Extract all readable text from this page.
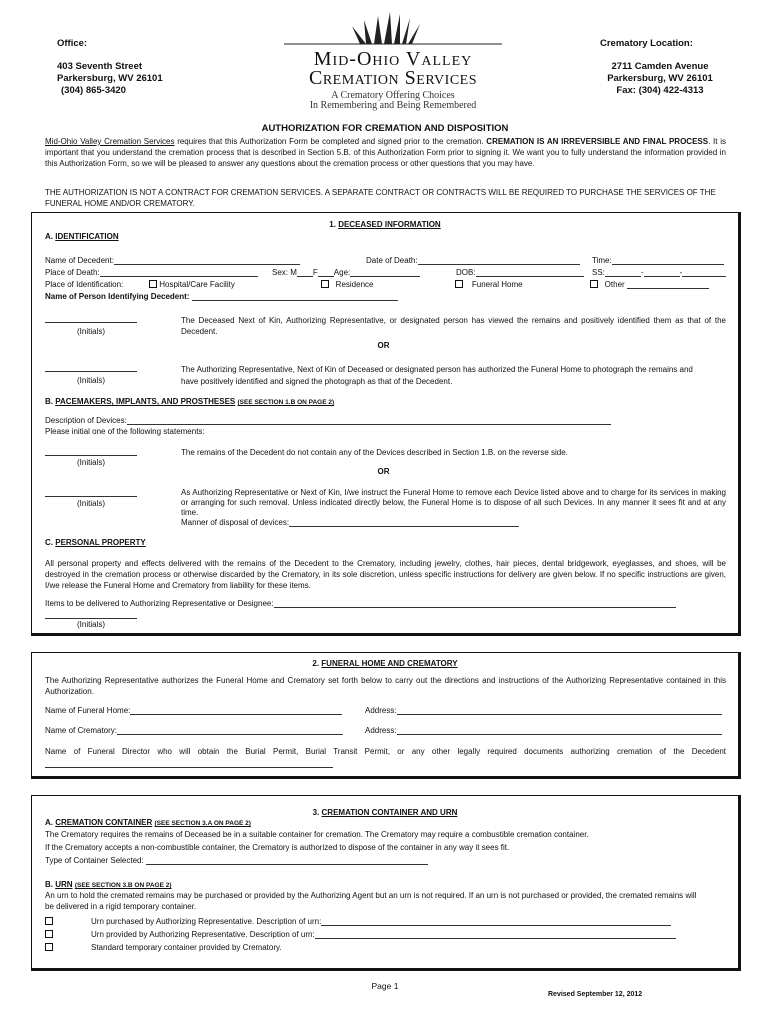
Office:
403 Seventh Street
Parkersburg, WV 26101
(304) 865-3420
Mid-Ohio Valley
Cremation Services
A Crematory Offering Choices
In Remembering and Being Remembered
Crematory Location:
2711 Camden Avenue
Parkersburg, WV 26101
Fax: (304) 422-4313
AUTHORIZATION FOR CREMATION AND DISPOSITION
Mid-Ohio Valley Cremation Services requires that this Authorization Form be completed and signed prior to the cremation. CREMATION IS AN IRREVERSIBLE AND FINAL PROCESS. It is important that you understand the cremation process that is described in Section 5.B. of this Authorization Form prior to signing it. We want you to fully understand the information provided in this Authorization Form, so we will be pleased to answer any questions about the cremation process or other questions that you may have.
THE AUTHORIZATION IS NOT A CONTRACT FOR CREMATION SERVICES. A SEPARATE CONTRACT OR CONTRACTS WILL BE REQUIRED TO PURCHASE THE SERVICES OF THE FUNERAL HOME AND/OR CREMATORY.
1. DECEASED INFORMATION
A. IDENTIFICATION
Name of Decedent:	Date of Death:	Time:
Place of Death:	Sex: M F Age:	DOB:	SS:	-	-
Place of Identification:	Hospital/Care Facility	Residence	Funeral Home	Other
Name of Person Identifying Decedent:
(Initials)
The Deceased Next of Kin, Authorizing Representative, or designated person has viewed the remains and positively identified them as that of the Decedent.
OR
(Initials)
The Authorizing Representative, Next of Kin of Deceased or designated person has authorized the Funeral Home to photograph the remains and have positively identified and signed the photograph as that of the Decedent.
B. PACEMAKERS, IMPLANTS, AND PROSTHESES (SEE SECTION 1.B ON PAGE 2)
Description of Devices:
Please initial one of the following statements:
(Initials)
The remains of the Decedent do not contain any of the Devices described in Section 1.B. on the reverse side.
OR
(Initials)
As Authorizing Representative or Next of Kin, I/we instruct the Funeral Home to remove each Device listed above and to charge for its services in making or arranging for such removal. Unless indicated directly below, the Funeral Home is to dispose of all such Devices. In any manner it sees fit and at any time.
Manner of disposal of devices:
C. PERSONAL PROPERTY
All personal property and effects delivered with the remains of the Decedent to the Crematory, including jewelry, clothes, hair pieces, dental bridgework, eyeglasses, and shoes, will be destroyed in the cremation process or otherwise discarded by the Crematory, in its sole discretion, unless specific instructions for delivery are given below. If no specific instructions are given, I/we release the Funeral Home and Crematory from liability for these items.
Items to be delivered to Authorizing Representative or Designee:
(Initials)
2. FUNERAL HOME AND CREMATORY
The Authorizing Representative authorizes the Funeral Home and Crematory set forth below to carry out the directions and instructions of the Authorizing Representative contained in this Authorization.
Name of Funeral Home:	Address:
Name of Crematory:	Address:
Name of Funeral Director who will obtain the Burial Permit, Burial Transit Permit, or any other legally required documents authorizing cremation of the Decedent
3. CREMATION CONTAINER AND URN
A. CREMATION CONTAINER (SEE SECTION 3.A ON PAGE 2)
The Crematory requires the remains of Deceased be in a suitable container for cremation. The Crematory may require a combustible cremation container.
If the Crematory accepts a non-combustible container, the Crematory is authorized to dispose of the container in any way it sees fit.
Type of Container Selected:
B. URN (SEE SECTION 3.B ON PAGE 2)
An urn to hold the cremated remains may be purchased or provided by the Authorizing Agent but an urn is not required. If an urn is not purchased or provided, the cremated remains will be delivered in a rigid temporary container.
Urn purchased by Authorizing Representative. Description of urn:
Urn provided by Authorizing Representative. Description of urn:
Standard temporary container provided by Crematory.
Page 1
Revised September 12, 2012
